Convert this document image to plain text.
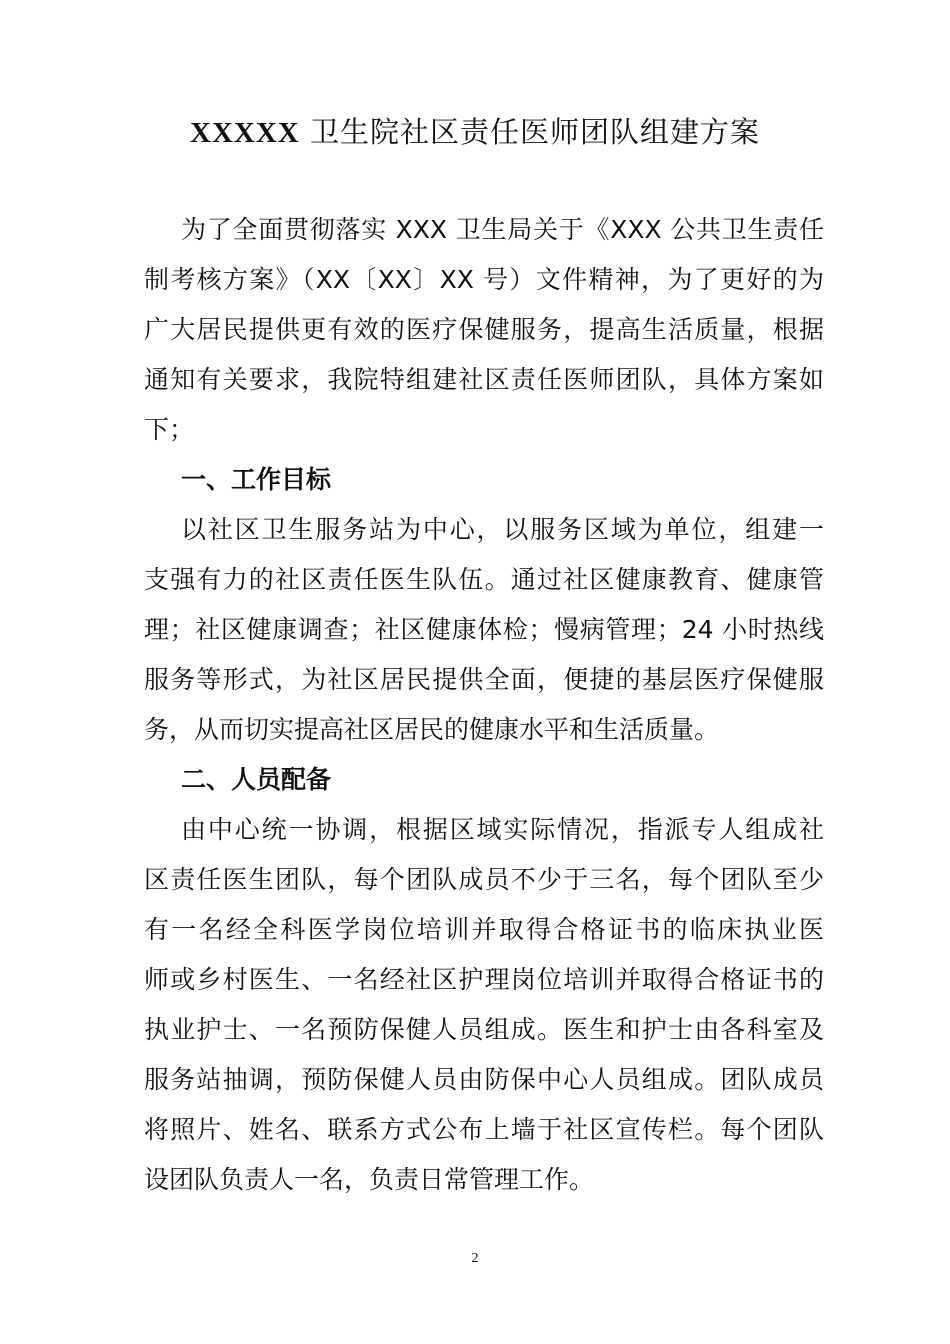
XXXXX 卫生院社区责任医师团队组建方案
为了全面贯彻落实 XXX 卫生局关于《XXX 公共卫生责任
制考核方案》（XX〔XX〕XX 号）文件精神，为了更好的为
广大居民提供更有效的医疗保健服务，提高生活质量，根据
通知有关要求，我院特组建社区责任医师团队，具体方案如
下；
一、工作目标
以社区卫生服务站为中心，以服务区域为单位，组建一
支强有力的社区责任医生队伍。通过社区健康教育、健康管
理；社区健康调查；社区健康体检；慢病管理；24 小时热线
服务等形式，为社区居民提供全面，便捷的基层医疗保健服
务，从而切实提高社区居民的健康水平和生活质量。
二、人员配备
由中心统一协调，根据区域实际情况，指派专人组成社
区责任医生团队，每个团队成员不少于三名，每个团队至少
有一名经全科医学岗位培训并取得合格证书的临床执业医
师或乡村医生、一名经社区护理岗位培训并取得合格证书的
执业护士、一名预防保健人员组成。医生和护士由各科室及
服务站抽调，预防保健人员由防保中心人员组成。团队成员
将照片、姓名、联系方式公布上墙于社区宣传栏。每个团队
设团队负责人一名，负责日常管理工作。
2
